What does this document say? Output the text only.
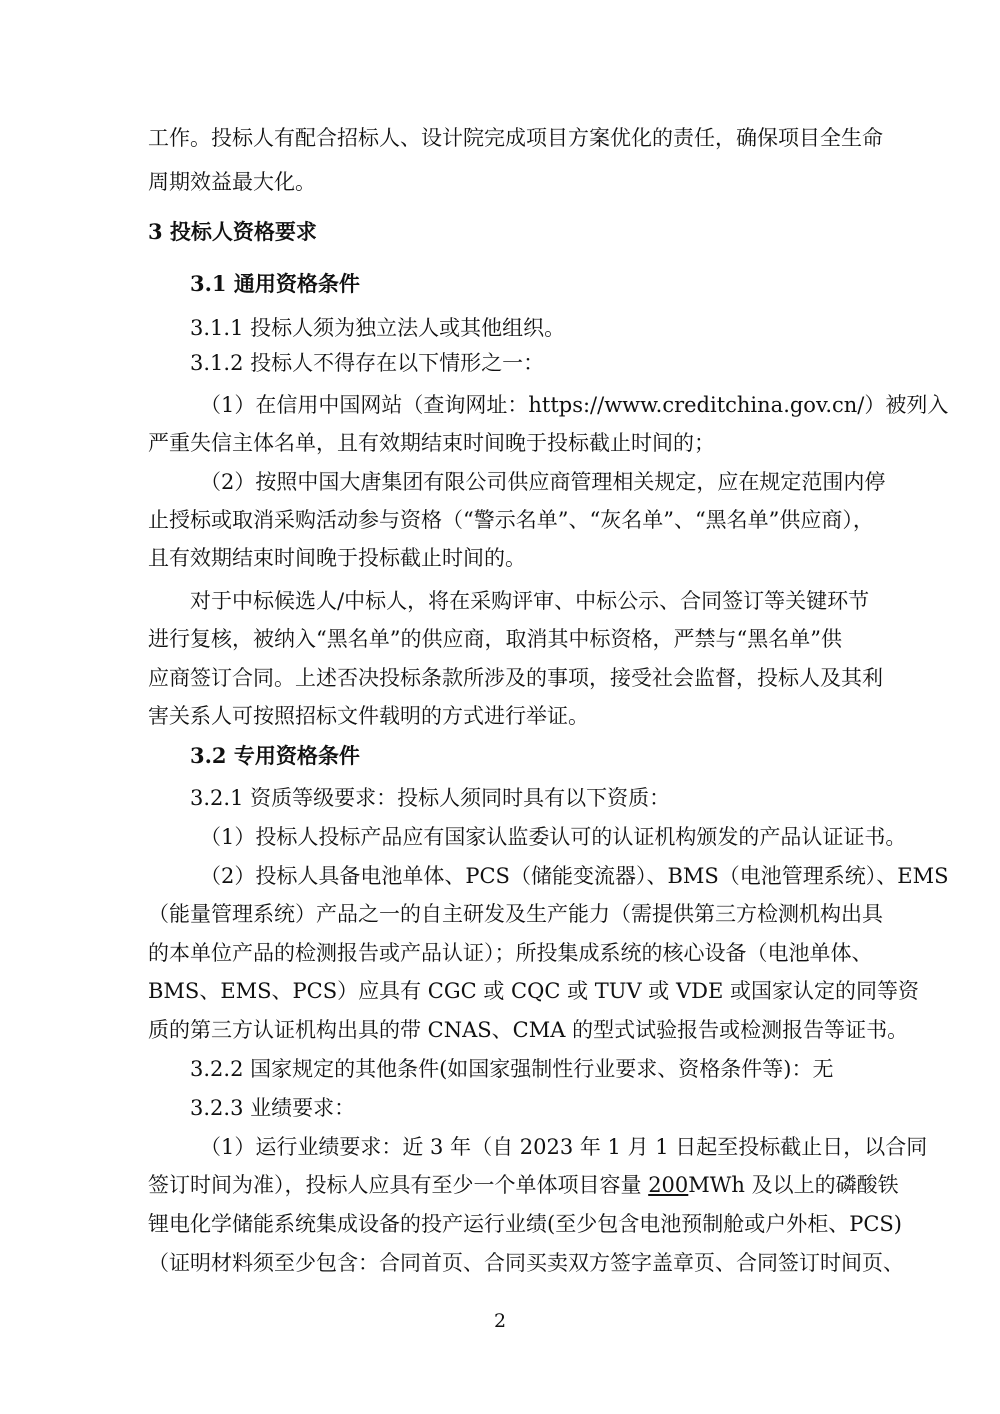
工作。投标人有配合招标人、设计院完成项目方案优化的责任，确保项目全生命
周期效益最大化。
3 投标人资格要求
3.1 通用资格条件
3.1.1 投标人须为独立法人或其他组织。
3.1.2 投标人不得存在以下情形之一：
（1）在信用中国网站（查询网址：https://www.creditchina.gov.cn/）被列入
严重失信主体名单，且有效期结束时间晚于投标截止时间的；
（2）按照中国大唐集团有限公司供应商管理相关规定，应在规定范围内停
止授标或取消采购活动参与资格（“警示名单”、“灰名单”、“黑名单”供应商），
且有效期结束时间晚于投标截止时间的。
对于中标候选人/中标人，将在采购评审、中标公示、合同签订等关键环节
进行复核，被纳入“黑名单”的供应商，取消其中标资格，严禁与“黑名单”供
应商签订合同。上述否决投标条款所涉及的事项，接受社会监督，投标人及其利
害关系人可按照招标文件载明的方式进行举证。
3.2 专用资格条件
3.2.1 资质等级要求：投标人须同时具有以下资质：
（1）投标人投标产品应有国家认监委认可的认证机构颁发的产品认证证书。
（2）投标人具备电池单体、PCS（储能变流器）、BMS（电池管理系统）、EMS
（能量管理系统）产品之一的自主研发及生产能力（需提供第三方检测机构出具
的本单位产品的检测报告或产品认证）；所投集成系统的核心设备（电池单体、
BMS、EMS、PCS）应具有 CGC 或 CQC 或 TUV 或 VDE 或国家认定的同等资
质的第三方认证机构出具的带 CNAS、CMA 的型式试验报告或检测报告等证书。
3.2.2 国家规定的其他条件(如国家强制性行业要求、资格条件等)：无
3.2.3 业绩要求：
（1）运行业绩要求：近 3 年（自 2023 年 1 月 1 日起至投标截止日，以合同
签订时间为准），投标人应具有至少一个单体项目容量 200MWh 及以上的磷酸铁
锂电化学储能系统集成设备的投产运行业绩(至少包含电池预制舱或户外柜、PCS)
（证明材料须至少包含：合同首页、合同买卖双方签字盖章页、合同签订时间页、
2
